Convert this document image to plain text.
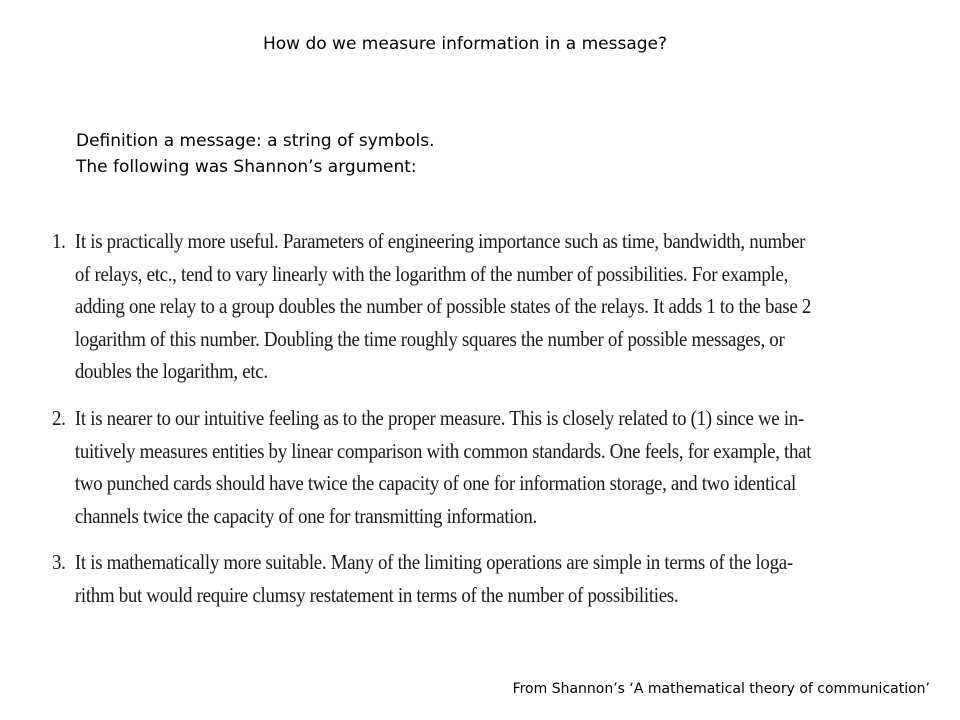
How do we measure information in a message?
Definition a message: a string of symbols.
The following was Shannon’s argument:
1. It is practically more useful. Parameters of engineering importance such as time, bandwidth, number
of relays, etc., tend to vary linearly with the logarithm of the number of possibilities. For example,
adding one relay to a group doubles the number of possible states of the relays. It adds 1 to the base 2
logarithm of this number. Doubling the time roughly squares the number of possible messages, or
doubles the logarithm, etc.
2. It is nearer to our intuitive feeling as to the proper measure. This is closely related to (1) since we in-
tuitively measures entities by linear comparison with common standards. One feels, for example, that
two punched cards should have twice the capacity of one for information storage, and two identical
channels twice the capacity of one for transmitting information.
3. It is mathematically more suitable. Many of the limiting operations are simple in terms of the loga-
rithm but would require clumsy restatement in terms of the number of possibilities.
From Shannon’s ‘A mathematical theory of communication’
